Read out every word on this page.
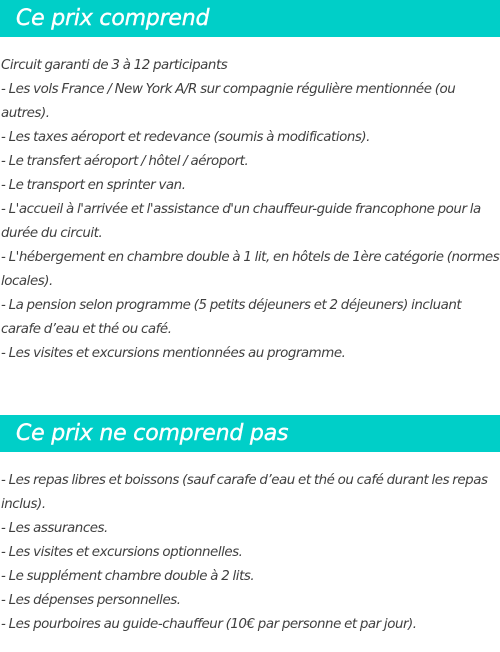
Ce prix comprend
Circuit garanti de 3 à 12 participants
- Les vols France / New York A/R sur compagnie régulière mentionnée (ou
autres).
- Les taxes aéroport et redevance (soumis à modifications).
- Le transfert aéroport / hôtel / aéroport.
- Le transport en sprinter van.
- L'accueil à l'arrivée et l'assistance d'un chauffeur-guide francophone pour la
durée du circuit.
- L'hébergement en chambre double à 1 lit, en hôtels de 1ère catégorie (normes
locales).
- La pension selon programme (5 petits déjeuners et 2 déjeuners) incluant
carafe d’eau et thé ou café.
- Les visites et excursions mentionnées au programme.
Ce prix ne comprend pas
- Les repas libres et boissons (sauf carafe d’eau et thé ou café durant les repas
inclus).
- Les assurances.
- Les visites et excursions optionnelles.
- Le supplément chambre double à 2 lits.
- Les dépenses personnelles.
- Les pourboires au guide-chauffeur (10€ par personne et par jour).
